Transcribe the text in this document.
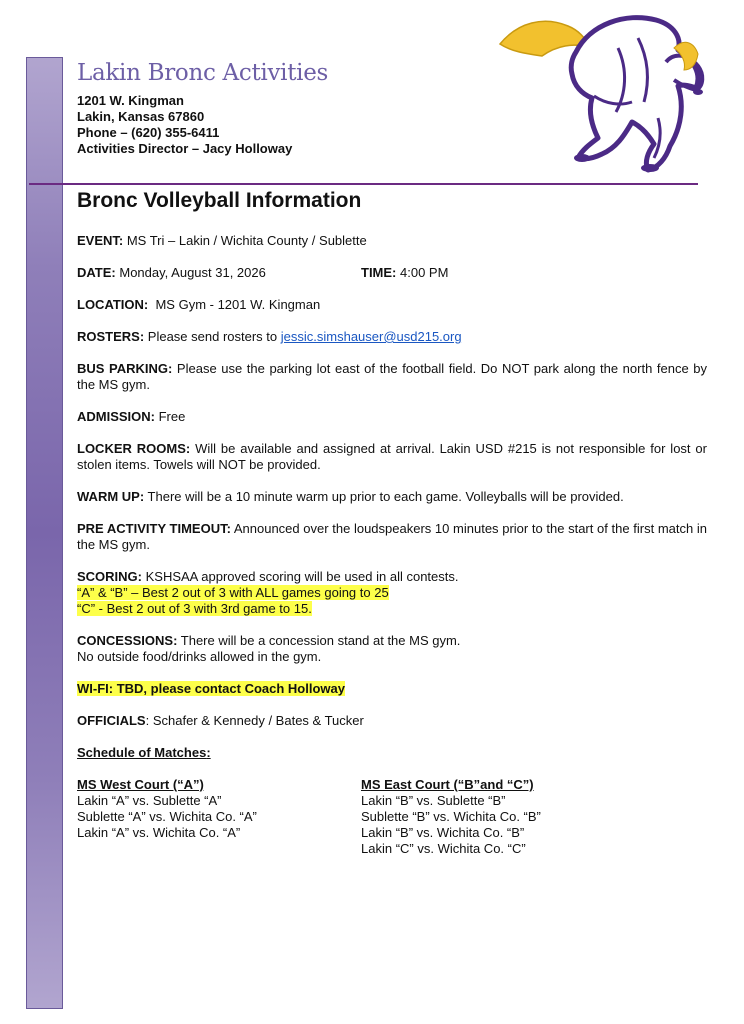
Lakin Bronc Activities
1201 W. Kingman
Lakin, Kansas 67860
Phone – (620) 355-6411
Activities Director – Jacy Holloway
Bronc Volleyball Information

EVENT: MS Tri – Lakin / Wichita County / Sublette

DATE: Monday, August 31, 2026	TIME: 4:00 PM

LOCATION:  MS Gym - 1201 W. Kingman

ROSTERS: Please send rosters to jessic.simshauser@usd215.org

BUS PARKING: Please use the parking lot east of the football field. Do NOT park along the north fence by the MS gym.

ADMISSION: Free

LOCKER ROOMS: Will be available and assigned at arrival. Lakin USD #215 is not responsible for lost or stolen items. Towels will NOT be provided.

WARM UP: There will be a 10 minute warm up prior to each game. Volleyballs will be provided.

PRE ACTIVITY TIMEOUT: Announced over the loudspeakers 10 minutes prior to the start of the first match in the MS gym.

SCORING: KSHSAA approved scoring will be used in all contests.
“A” & “B” – Best 2 out of 3 with ALL games going to 25
“C” - Best 2 out of 3 with 3rd game to 15.

CONCESSIONS: There will be a concession stand at the MS gym.
No outside food/drinks allowed in the gym.

WI-FI: TBD, please contact Coach Holloway

OFFICIALS: Schafer & Kennedy / Bates & Tucker

Schedule of Matches:

MS West Court (“A”)
Lakin “A” vs. Sublette “A”
Sublette “A” vs. Wichita Co. “A”
Lakin “A” vs. Wichita Co. “A”
MS East Court (“B”and “C”)
Lakin “B” vs. Sublette “B”
Sublette “B” vs. Wichita Co. “B”
Lakin “B” vs. Wichita Co. “B”
Lakin “C” vs. Wichita Co. “C”
